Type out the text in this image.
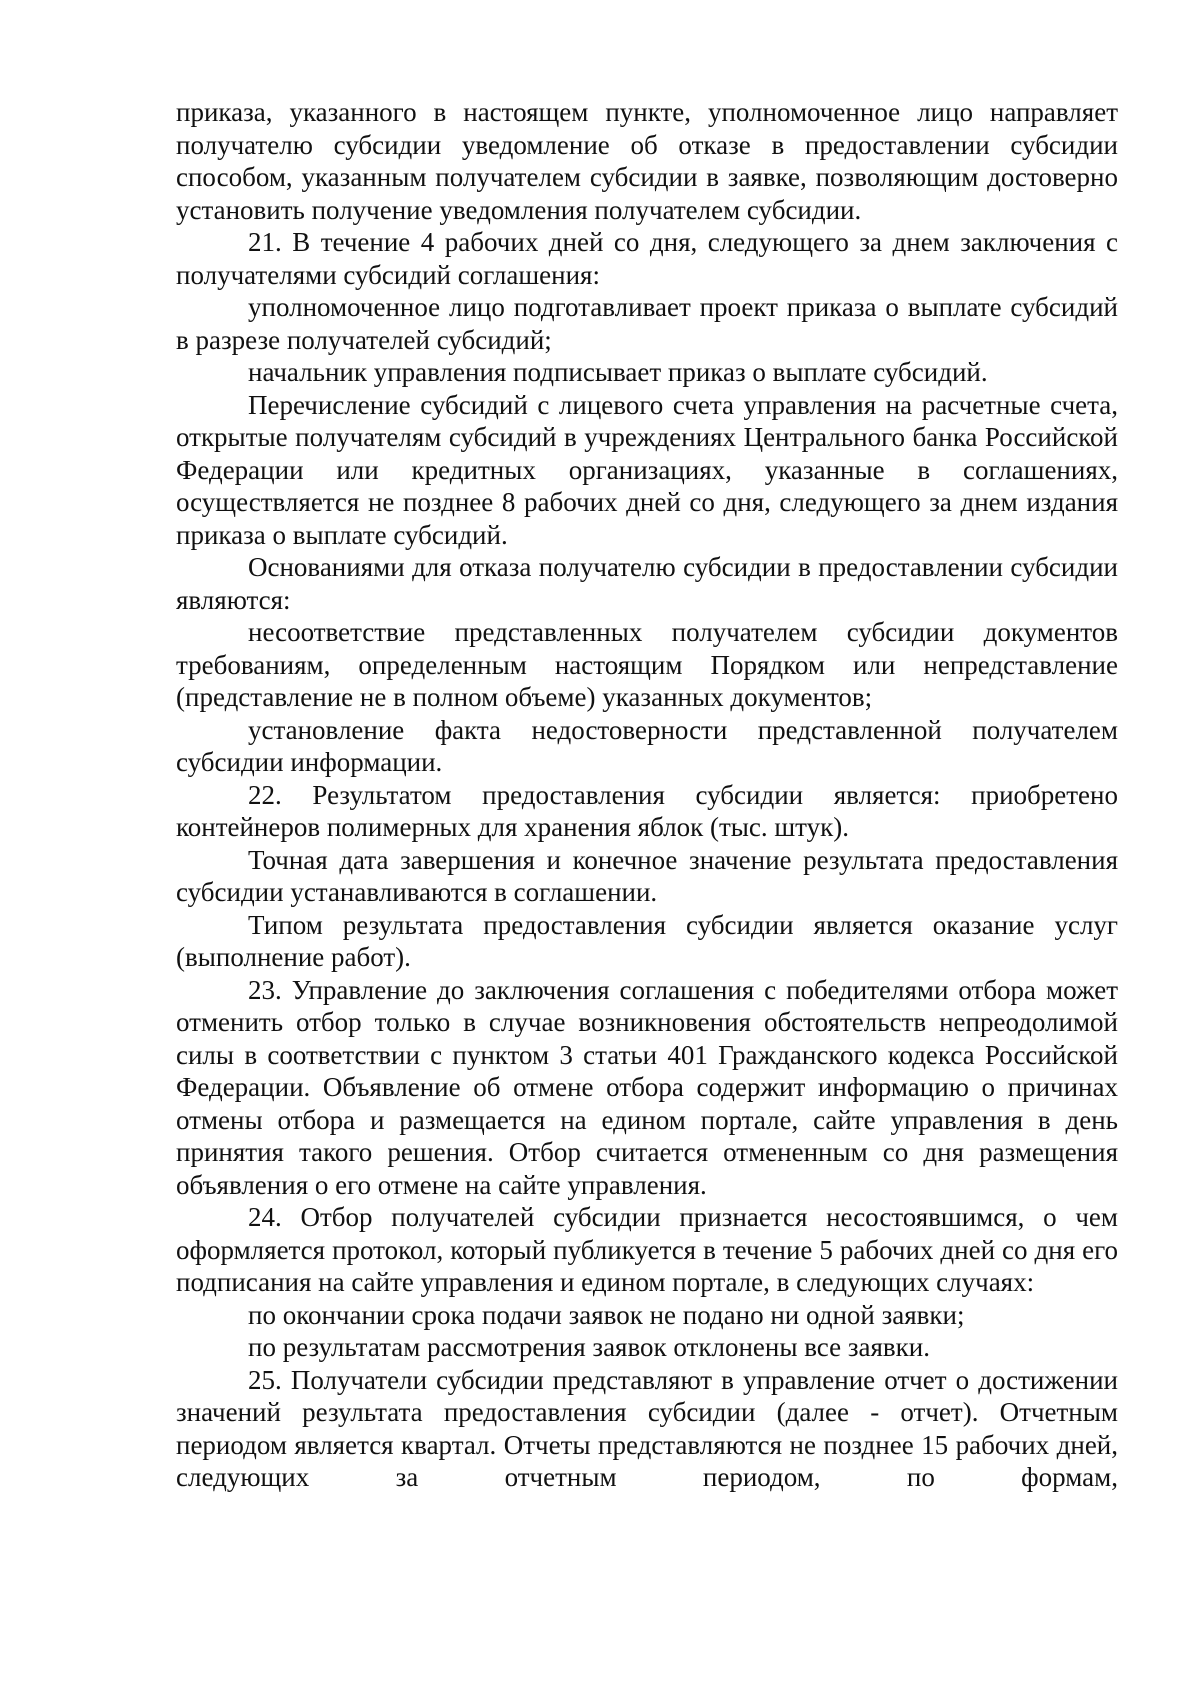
приказа, указанного в настоящем пункте, уполномоченное лицо направляет получателю субсидии уведомление об отказе в предоставлении субсидии способом, указанным получателем субсидии в заявке, позволяющим достоверно установить получение уведомления получателем субсидии.

21. В течение 4 рабочих дней со дня, следующего за днем заключения с получателями субсидий соглашения:

уполномоченное лицо подготавливает проект приказа о выплате субсидий в разрезе получателей субсидий;

начальник управления подписывает приказ о выплате субсидий.

Перечисление субсидий с лицевого счета управления на расчетные счета, открытые получателям субсидий в учреждениях Центрального банка Российской Федерации или кредитных организациях, указанные в соглашениях, осуществляется не позднее 8 рабочих дней со дня, следующего за днем издания приказа о выплате субсидий.

Основаниями для отказа получателю субсидии в предоставлении субсидии являются:

несоответствие представленных получателем субсидии документов требованиям, определенным настоящим Порядком или непредставление (представление не в полном объеме) указанных документов;

установление факта недостоверности представленной получателем субсидии информации.

22. Результатом предоставления субсидии является: приобретено контейнеров полимерных для хранения яблок (тыс. штук).

Точная дата завершения и конечное значение результата предоставления субсидии устанавливаются в соглашении.

Типом результата предоставления субсидии является оказание услуг (выполнение работ).

23. Управление до заключения соглашения с победителями отбора может отменить отбор только в случае возникновения обстоятельств непреодолимой силы в соответствии с пунктом 3 статьи 401 Гражданского кодекса Российской Федерации. Объявление об отмене отбора содержит информацию о причинах отмены отбора и размещается на едином портале, сайте управления в день принятия такого решения. Отбор считается отмененным со дня размещения объявления о его отмене на сайте управления.

24. Отбор получателей субсидии признается несостоявшимся, о чем оформляется протокол, который публикуется в течение 5 рабочих дней со дня его подписания на сайте управления и едином портале, в следующих случаях:

по окончании срока подачи заявок не подано ни одной заявки;

по результатам рассмотрения заявок отклонены все заявки.

25. Получатели субсидии представляют в управление отчет о достижении значений результата предоставления субсидии (далее - отчет). Отчетным периодом является квартал. Отчеты представляются не позднее 15 рабочих дней, следующих за отчетным периодом, по формам,
